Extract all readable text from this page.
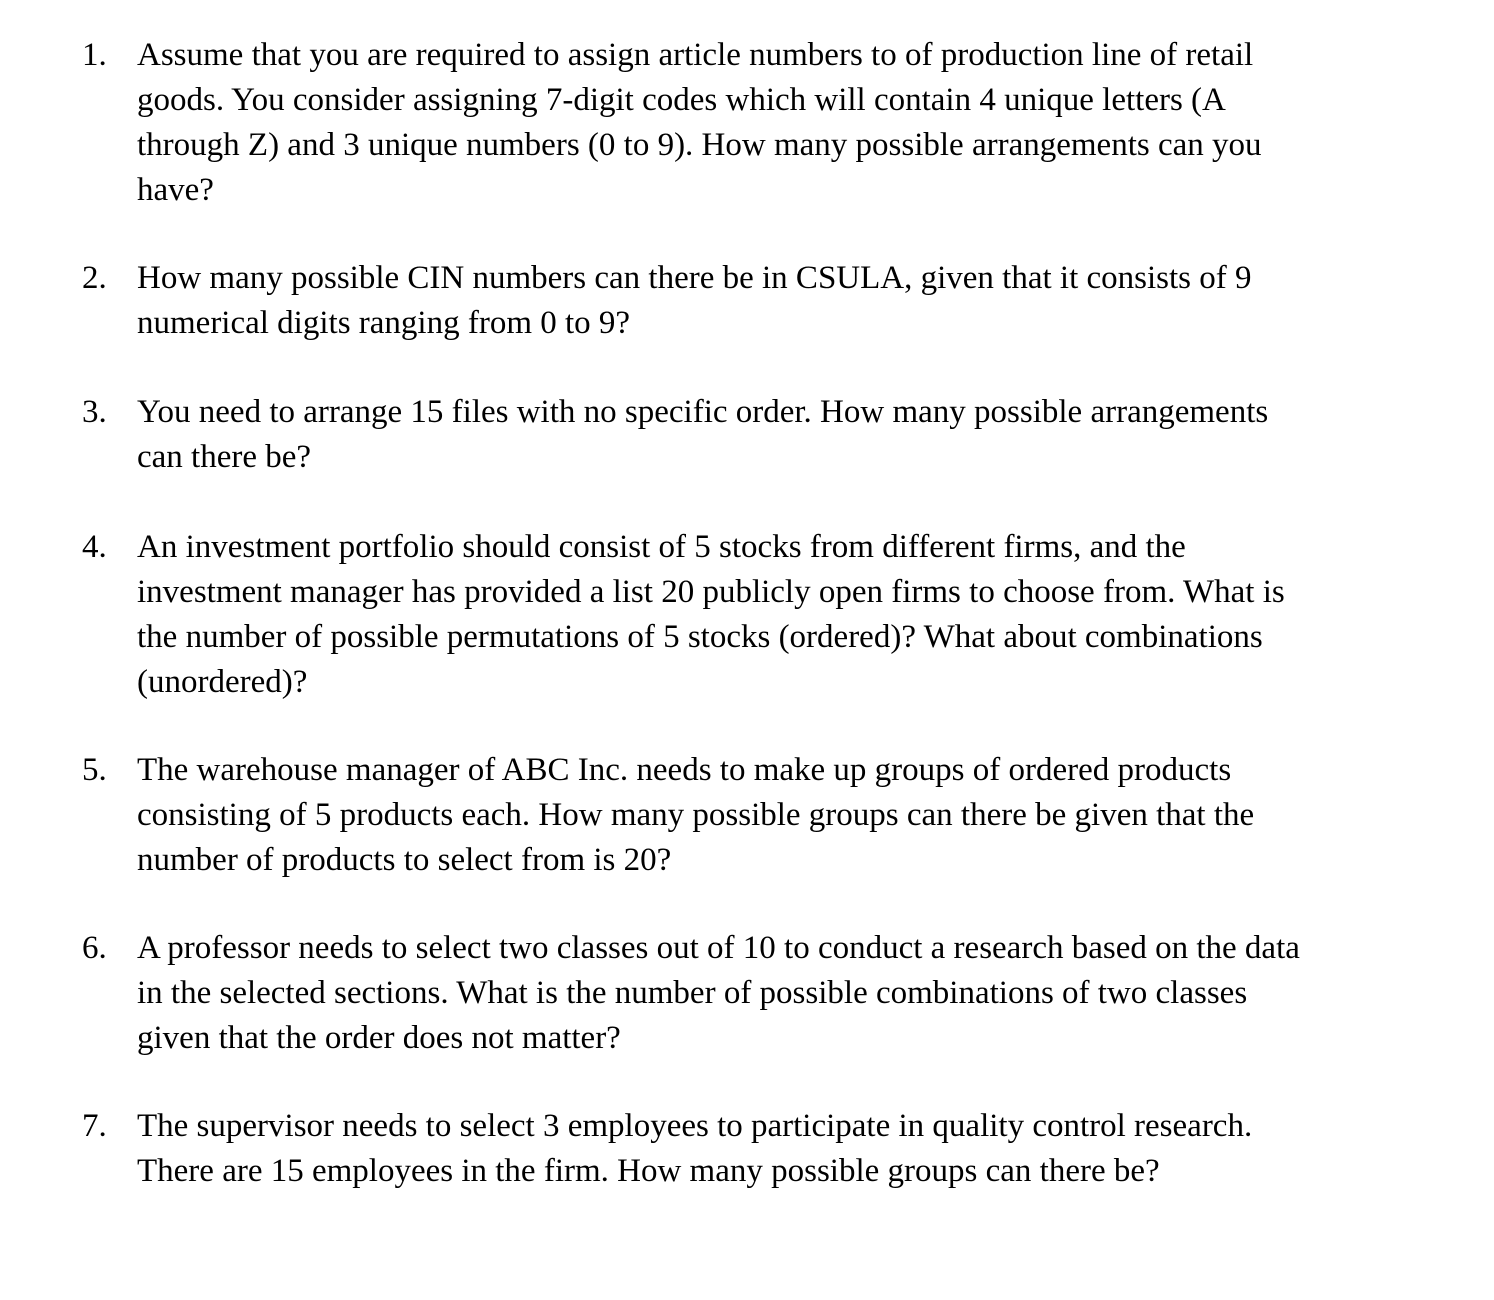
1. Assume that you are required to assign article numbers to of production line of retail
goods. You consider assigning 7-digit codes which will contain 4 unique letters (A
through Z) and 3 unique numbers (0 to 9). How many possible arrangements can you
have?
2. How many possible CIN numbers can there be in CSULA, given that it consists of 9
numerical digits ranging from 0 to 9?
3. You need to arrange 15 files with no specific order. How many possible arrangements
can there be?
4. An investment portfolio should consist of 5 stocks from different firms, and the
investment manager has provided a list 20 publicly open firms to choose from. What is
the number of possible permutations of 5 stocks (ordered)? What about combinations
(unordered)?
5. The warehouse manager of ABC Inc. needs to make up groups of ordered products
consisting of 5 products each. How many possible groups can there be given that the
number of products to select from is 20?
6. A professor needs to select two classes out of 10 to conduct a research based on the data
in the selected sections. What is the number of possible combinations of two classes
given that the order does not matter?
7. The supervisor needs to select 3 employees to participate in quality control research.
There are 15 employees in the firm. How many possible groups can there be?
